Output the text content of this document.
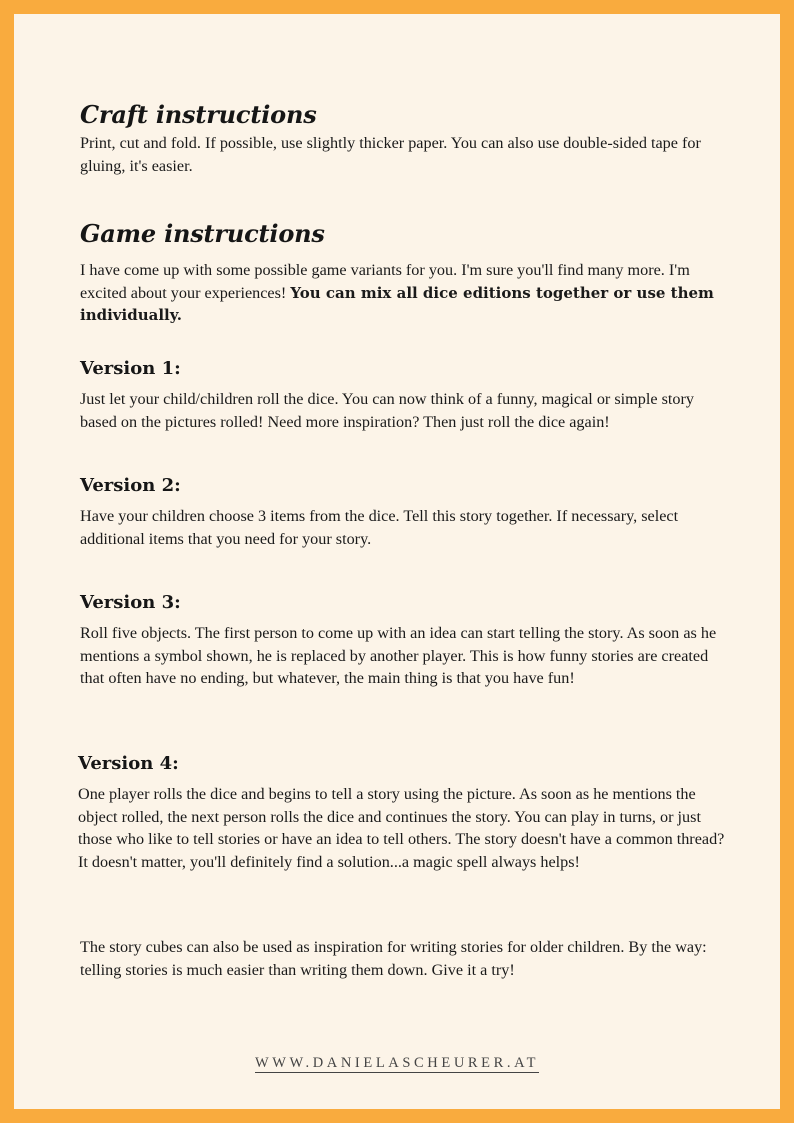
Craft instructions

Print, cut and fold. If possible, use slightly thicker paper. You can also use double-sided tape for gluing, it's easier.

Game instructions

I have come up with some possible game variants for you. I'm sure you'll find many more. I'm excited about your experiences! You can mix all dice editions together or use them individually.

Version 1:

Just let your child/children roll the dice. You can now think of a funny, magical or simple story based on the pictures rolled! Need more inspiration? Then just roll the dice again!

Version 2:

Have your children choose 3 items from the dice. Tell this story together. If necessary, select additional items that you need for your story.

Version 3:

Roll five objects. The first person to come up with an idea can start telling the story. As soon as he mentions a symbol shown, he is replaced by another player. This is how funny stories are created that often have no ending, but whatever, the main thing is that you have fun!

Version 4:

One player rolls the dice and begins to tell a story using the picture. As soon as he mentions the object rolled, the next person rolls the dice and continues the story. You can play in turns, or just those who like to tell stories or have an idea to tell others. The story doesn't have a common thread? It doesn't matter, you'll definitely find a solution...a magic spell always helps!

The story cubes can also be used as inspiration for writing stories for older children. By the way: telling stories is much easier than writing them down. Give it a try!

WWW.DANIELASCHEURER.AT
